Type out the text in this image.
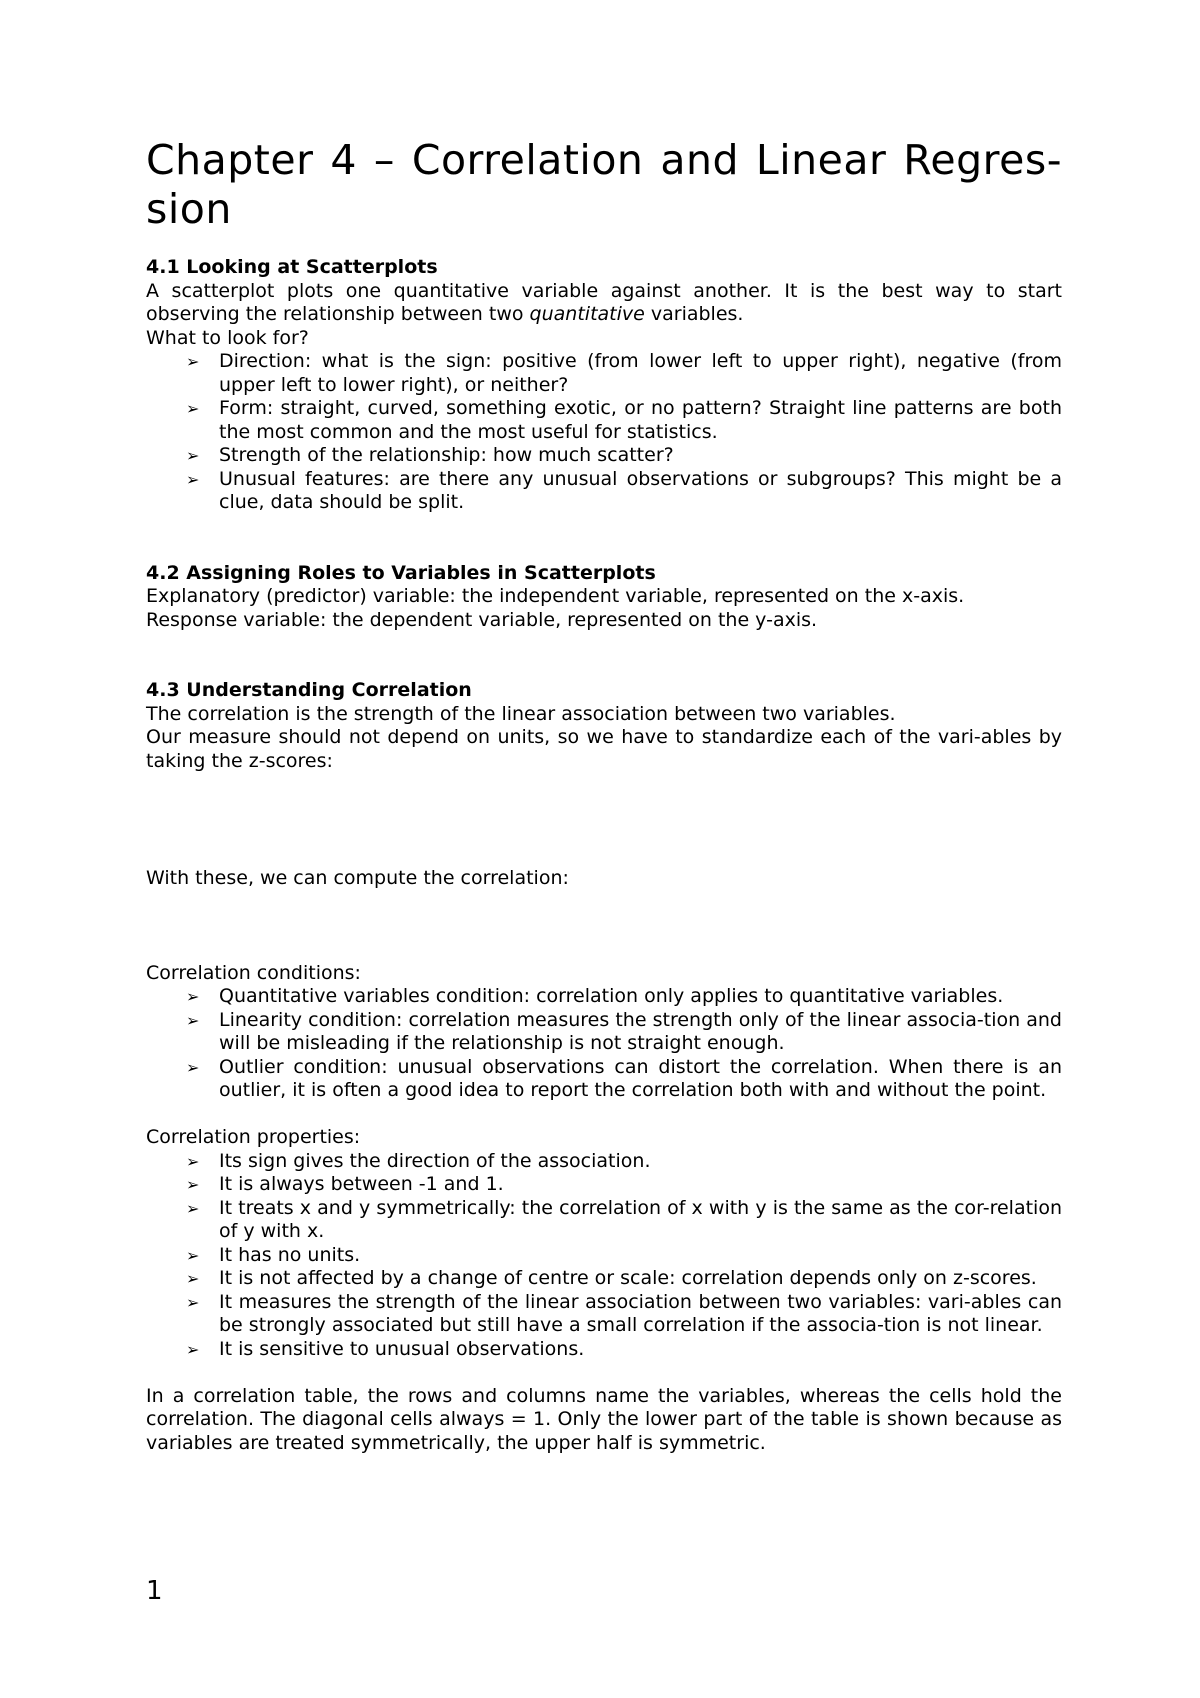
Chapter 4 – Correlation and Linear Regres-sion
4.1 Looking at Scatterplots

A scatterplot plots one quantitative variable against another. It is the best way to start observing the relationship between two quantitative variables.

What to look for?

➢ Direction: what is the sign: positive (from lower left to upper right), negative (from upper left to lower right), or neither?
➢ Form: straight, curved, something exotic, or no pattern? Straight line patterns are both the most common and the most useful for statistics.
➢ Strength of the relationship: how much scatter?
➢ Unusual features: are there any unusual observations or subgroups? This might be a clue, data should be split.
4.2 Assigning Roles to Variables in Scatterplots

Explanatory (predictor) variable: the independent variable, represented on the x-axis.

Response variable: the dependent variable, represented on the y-axis.

4.3 Understanding Correlation

The correlation is the strength of the linear association between two variables.

Our measure should not depend on units, so we have to standardize each of the vari-ables by taking the z-scores:

With these, we can compute the correlation:

Correlation conditions:

➢ Quantitative variables condition: correlation only applies to quantitative variables.
➢ Linearity condition: correlation measures the strength only of the linear associa-tion and will be misleading if the relationship is not straight enough.
➢ Outlier condition: unusual observations can distort the correlation. When there is an outlier, it is often a good idea to report the correlation both with and without the point.

Correlation properties:

➢ Its sign gives the direction of the association.
➢ It is always between -1 and 1.
➢ It treats x and y symmetrically: the correlation of x with y is the same as the cor-relation of y with x.
➢ It has no units.
➢ It is not affected by a change of centre or scale: correlation depends only on z-scores.
➢ It measures the strength of the linear association between two variables: vari-ables can be strongly associated but still have a small correlation if the associa-tion is not linear.
➢ It is sensitive to unusual observations.

In a correlation table, the rows and columns name the variables, whereas the cells hold the correlation. The diagonal cells always = 1. Only the lower part of the table is shown because as variables are treated symmetrically, the upper half is symmetric.

1
